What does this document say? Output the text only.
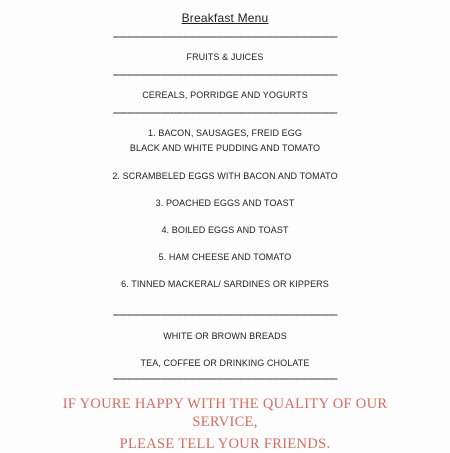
Breakfast Menu
================================================================================
FRUITS & JUICES
================================================================================
CEREALS, PORRIDGE AND YOGURTS
================================================================================
1. BACON, SAUSAGES, FREID EGG
BLACK AND WHITE PUDDING AND TOMATO
2. SCRAMBELED EGGS WITH BACON AND TOMATO
3. POACHED EGGS AND TOAST
4. BOILED EGGS AND TOAST
5. HAM CHEESE AND TOMATO
6. TINNED MACKERAL/ SARDINES OR KIPPERS
================================================================================
WHITE OR BROWN BREADS
TEA, COFFEE OR DRINKING CHOLATE
================================================================================
IF YOURE HAPPY WITH THE QUALITY OF OUR
SERVICE,
PLEASE TELL YOUR FRIENDS.
